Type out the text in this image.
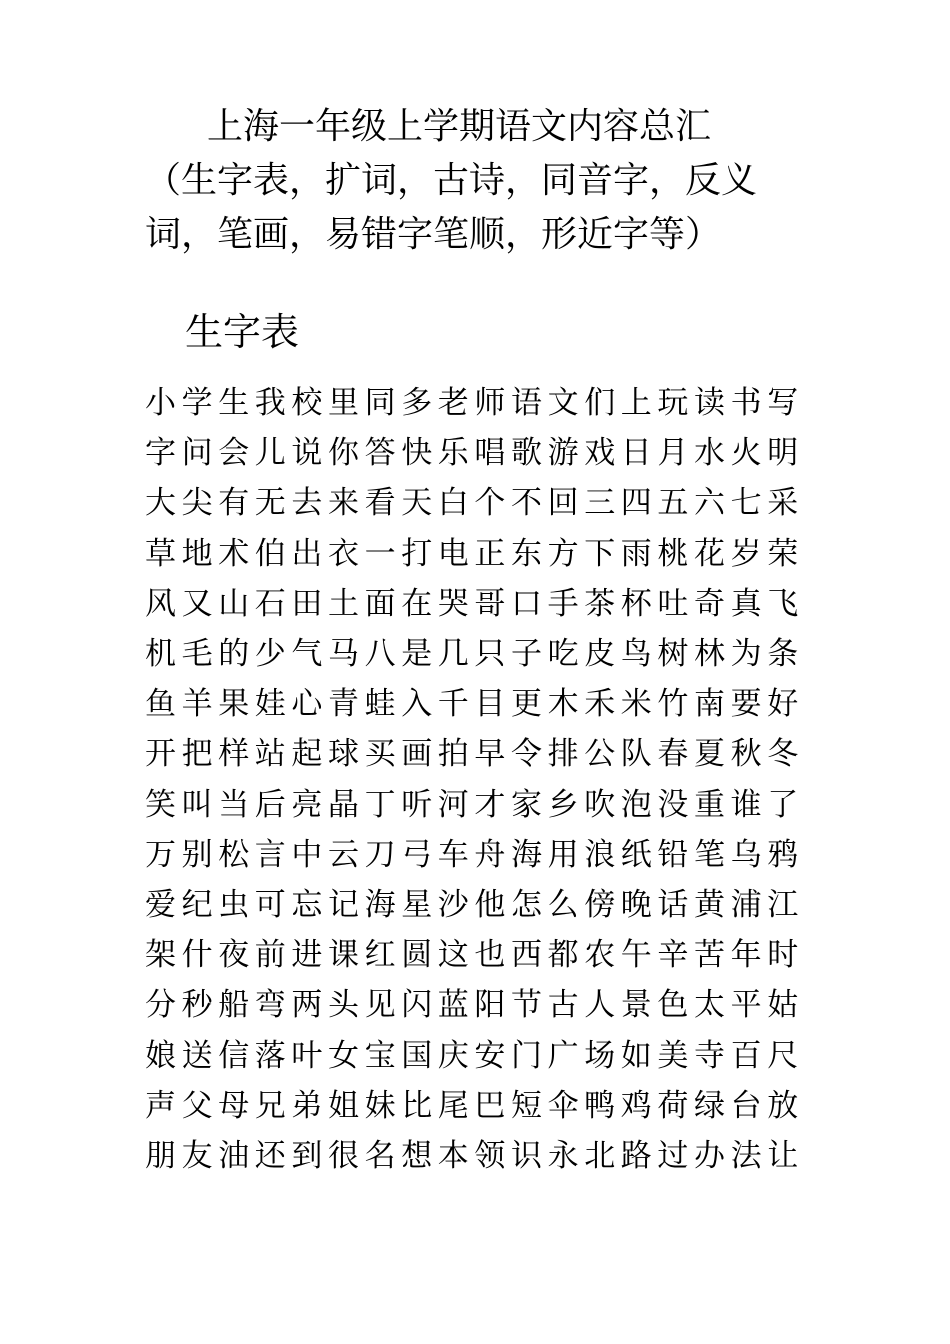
上海一年级上学期语文内容总汇
（生字表，扩词，古诗，同音字，反义
词，笔画，易错字笔顺，形近字等）
生字表
小学生我校里同多老师语文们上玩读书写
字问会儿说你答快乐唱歌游戏日月水火明
大尖有无去来看天白个不回三四五六七采
草地术伯出衣一打电正东方下雨桃花岁荣
风又山石田土面在哭哥口手茶杯吐奇真飞
机毛的少气马八是几只子吃皮鸟树林为条
鱼羊果娃心青蛙入千目更木禾米竹南要好
开把样站起球买画拍早令排公队春夏秋冬
笑叫当后亮晶丁听河才家乡吹泡没重谁了
万别松言中云刀弓车舟海用浪纸铅笔乌鸦
爱纪虫可忘记海星沙他怎么傍晚话黄浦江
架什夜前进课红圆这也西都农午辛苦年时
分秒船弯两头见闪蓝阳节古人景色太平姑
娘送信落叶女宝国庆安门广场如美寺百尺
声父母兄弟姐妹比尾巴短伞鸭鸡荷绿台放
朋友油还到很名想本领识永北路过办法让
